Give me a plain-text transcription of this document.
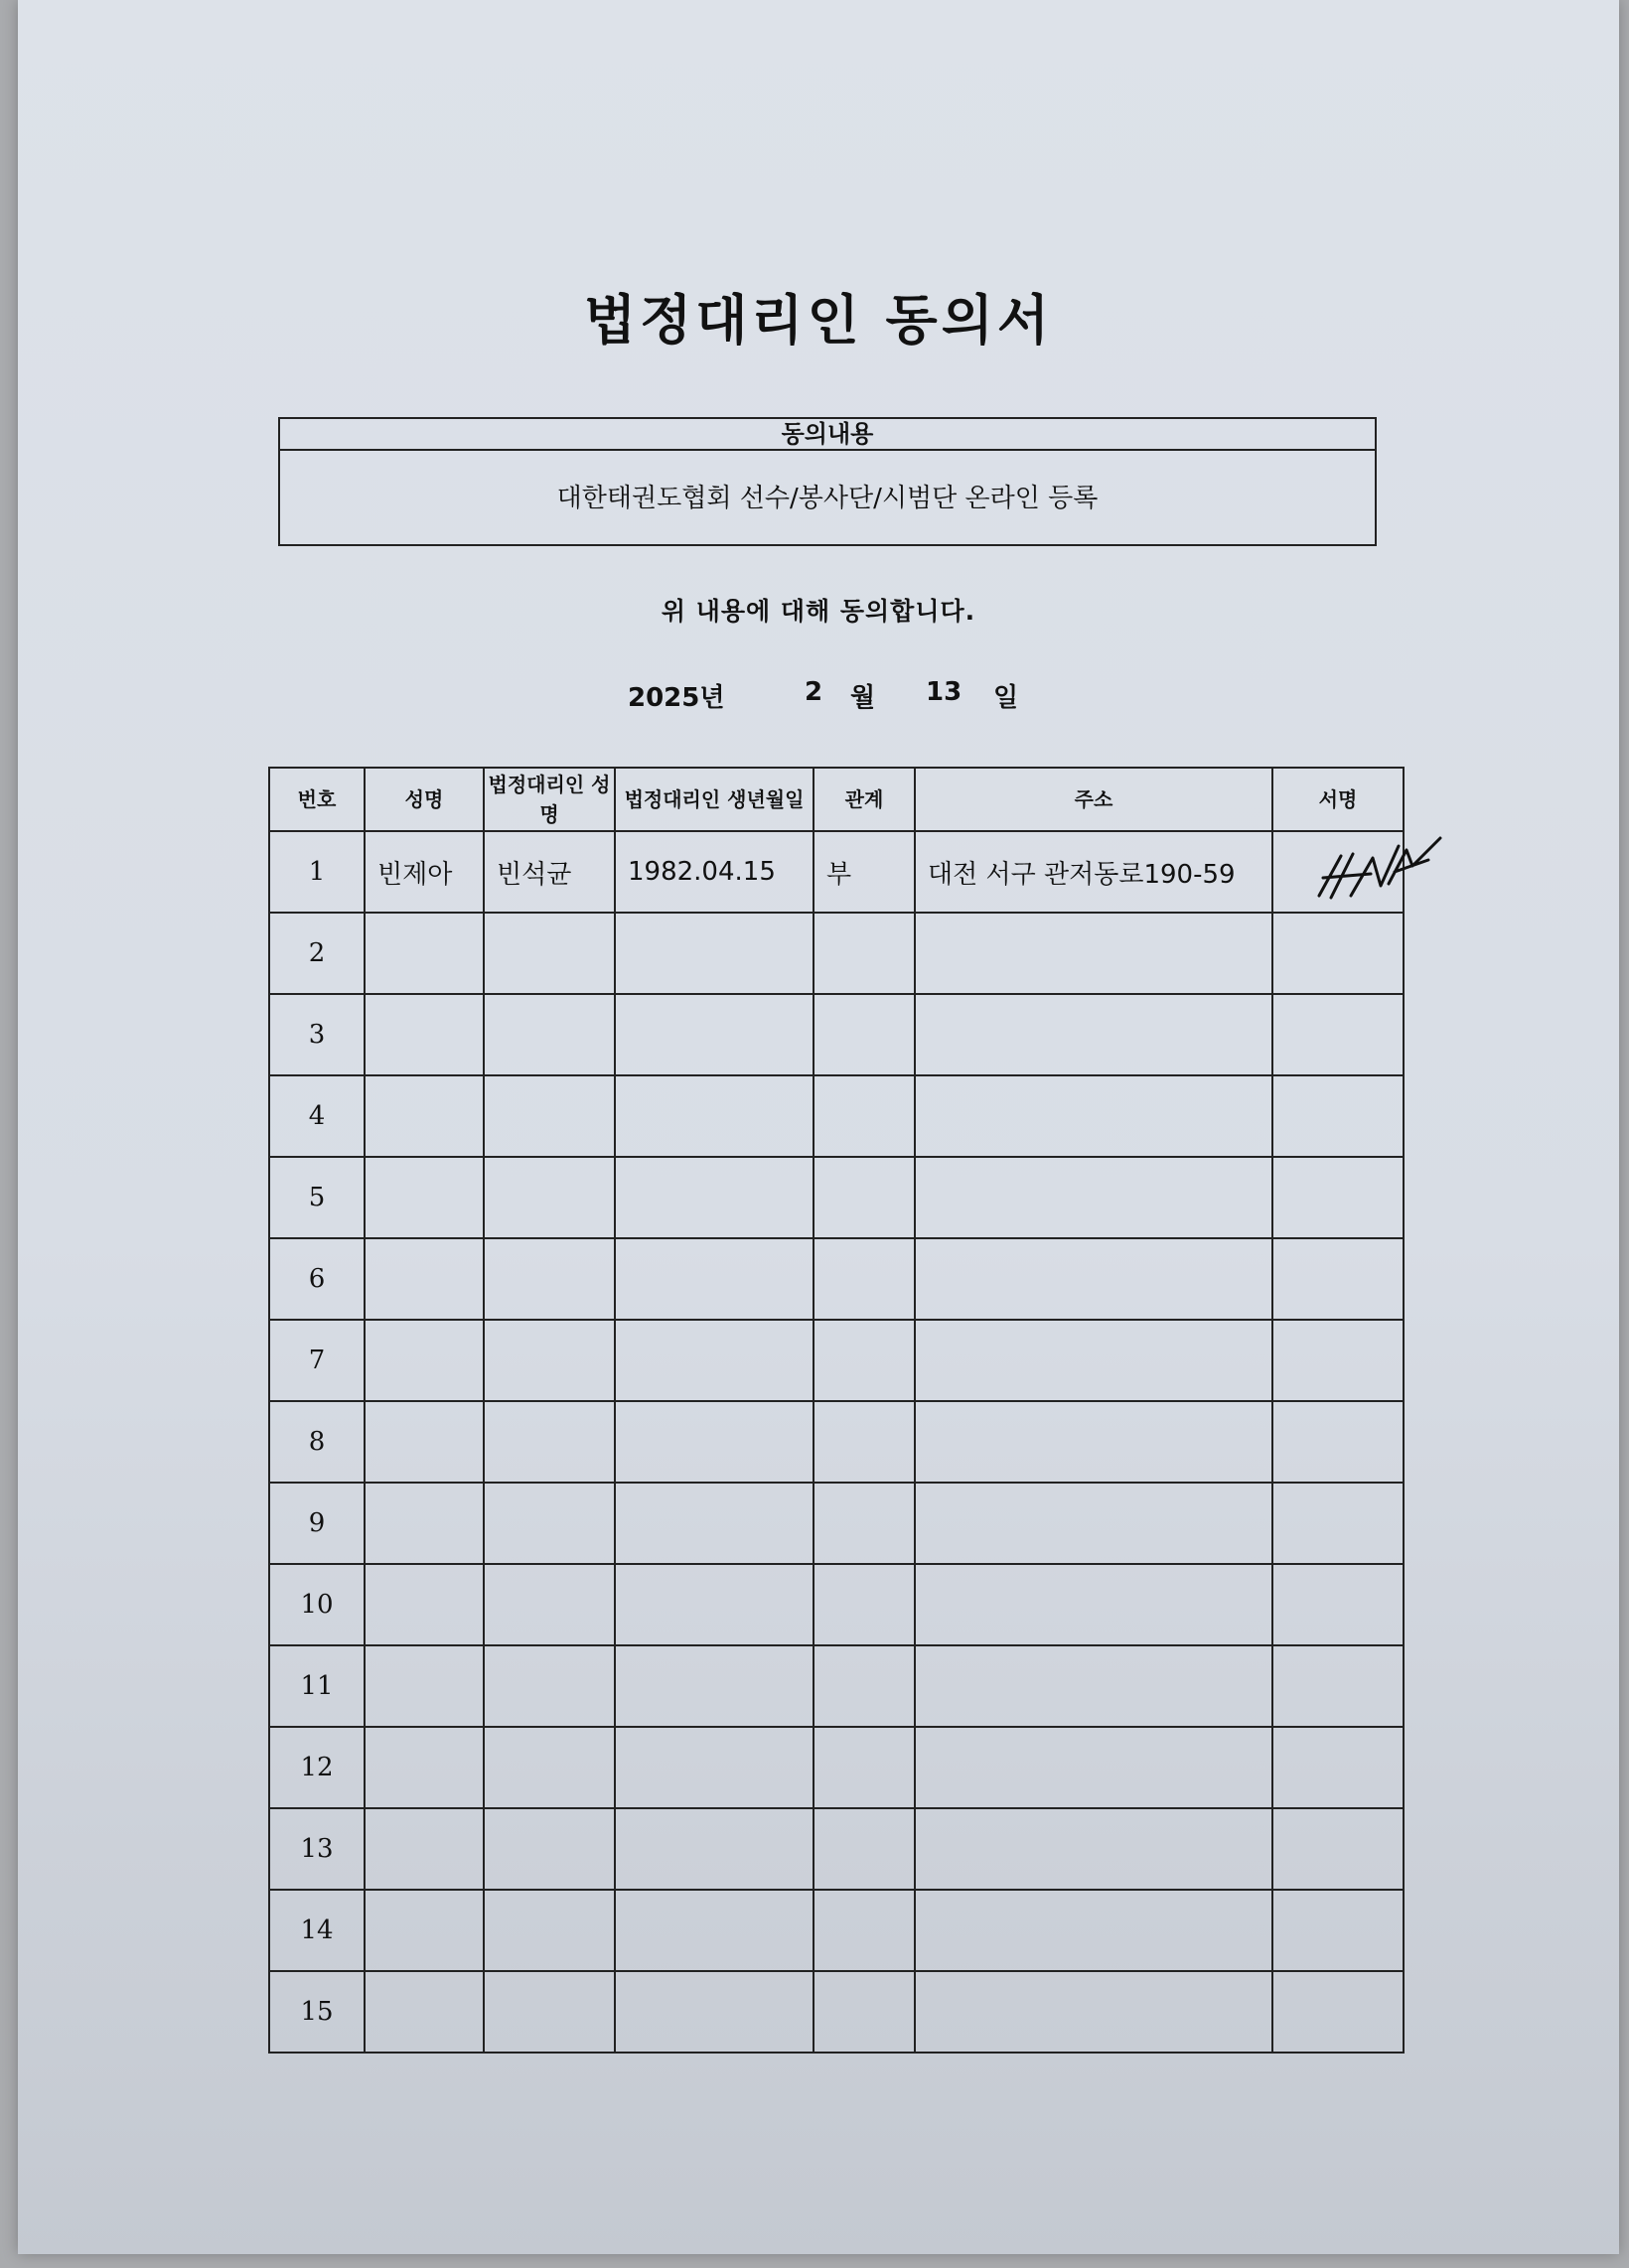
법정대리인 동의서
동의내용
대한태권도협회 선수/봉사단/시범단 온라인 등록
위 내용에 대해 동의합니다.
2025년	2 월 13 일
번호	성명	법정대리인 성명	법정대리인 생년월일	관계	주소	서명
1	빈제아	빈석균	1982.04.15	부	대전 서구 관저동로190-59	
2						
3						
4						
5						
6						
7						
8						
9						
10						
11						
12						
13						
14						
15						
